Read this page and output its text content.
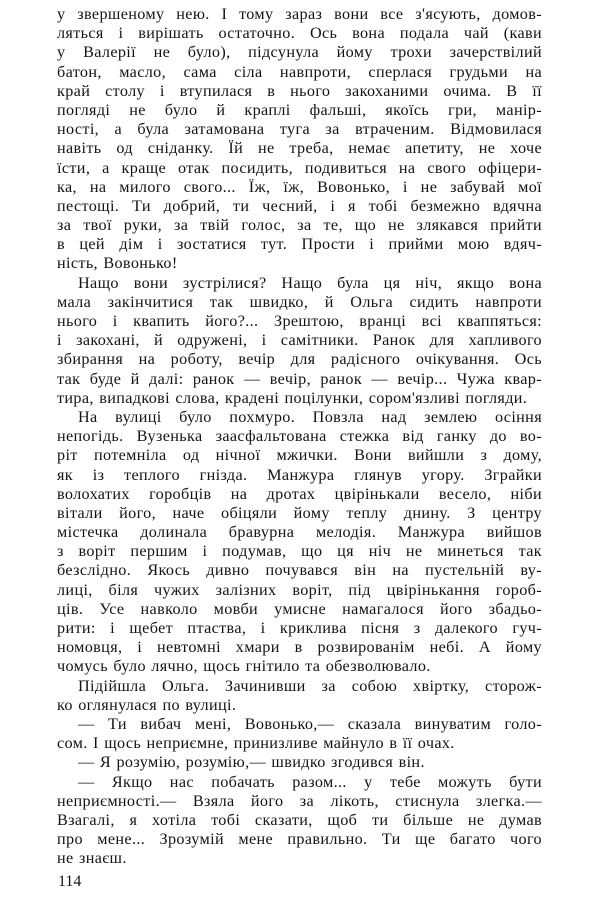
у звершеному нею. І тому зараз вони все з'ясують, домов-
ляться і вирішать остаточно. Ось вона подала чай (кави
у Валерії не було), підсунула йому трохи зачерствілий
батон, масло, сама сіла навпроти, сперлася грудьми на
край столу і втупилася в нього закоханими очима. В її
погляді не було й краплі фальші, якоїсь гри, манір-
ності, а була затамована туга за втраченим. Відмовилася
навіть од сніданку. Їй не треба, немає апетиту, не хоче
їсти, а краще отак посидить, подивиться на свого офіцери-
ка, на милого свого... Їж, їж, Вовонько, і не забувай мої
пестощі. Ти добрий, ти чесний, і я тобі безмежно вдячна
за твої руки, за твій голос, за те, що не злякався прийти
в цей дім і зостатися тут. Прости і прийми мою вдяч-
ність, Вовонько!
Нащо вони зустрілися? Нащо була ця ніч, якщо вона
мала закінчитися так швидко, й Ольга сидить навпроти
нього і квапить його?... Зрештою, вранці всі кваппяться:
і закохані, й одружені, і самітники. Ранок для хапливого
збирання на роботу, вечір для радісного очікування. Ось
так буде й далі: ранок — вечір, ранок — вечір... Чужа квар-
тира, випадкові слова, крадені поцілунки, сором'язливі погляди.
На вулиці було похмуро. Повзла над землею осіння
непогідь. Вузенька заасфальтована стежка від ганку до во-
ріт потемніла од нічної мжички. Вони вийшли з дому,
як із теплого гнізда. Манжура глянув угору. Зграйки
волохатих горобців на дротах цвірінькали весело, ніби
вітали його, наче обіцяли йому теплу днину. З центру
містечка долинала бравурна мелодія. Манжура вийшов
з воріт першим і подумав, що ця ніч не минеться так
безслідно. Якось дивно почувався він на пустельній ву-
лиці, біля чужих залізних воріт, під цвірінькання гороб-
ців. Усе навколо мовби умисне намагалося його збадьо-
рити: і щебет птаства, і крикливa пісня з далекого гуч-
номовця, і невтомні хмари в розвированім небі. А йому
чомусь було лячно, щось гнітило та обезволювало.
Підійшла Ольга. Зачинивши за собою хвіртку, сторож-
ко оглянулася по вулиці.
— Ти вибач мені, Вовонько,— сказала винуватим голо-
сом. І щось неприємне, принизливе майнуло в її очах.
— Я розумію, розумію,— швидко згодився він.
— Якщо нас побачать разом... у тебе можуть бути
неприємності.— Взяла його за лікоть, стиснула злегка.—
Взагалі, я хотіла тобі сказати, щоб ти більше не думав
про мене... Зрозумій мене правильно. Ти ще багато чого
не знаєш.
114
